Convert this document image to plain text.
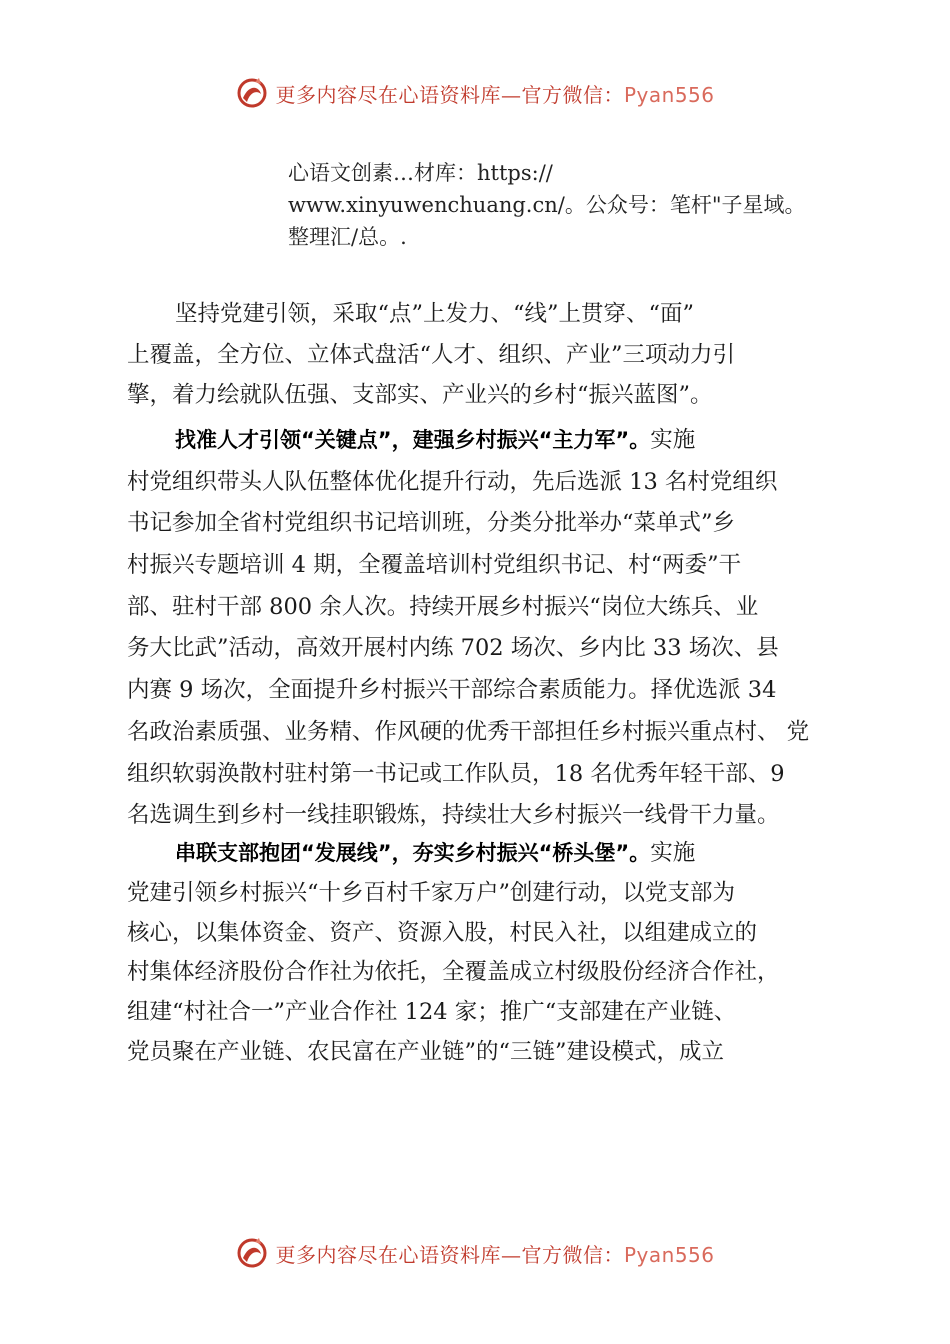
更多内容尽在心语资料库—官方微信：Pyan556
心语文创素…材库：https://
www.xinyuwenchuang.cn/。公众号：笔杆"子星域。
整理汇/总。.
坚持党建引领，采取“点”上发力、“线”上贯穿、“面”
上覆盖，全方位、立体式盘活“人才、组织、产业”三项动力引
擎，着力绘就队伍强、支部实、产业兴的乡村“振兴蓝图”。
找准人才引领“关键点”，建强乡村振兴“主力军”。实施
村党组织带头人队伍整体优化提升行动，先后选派 13 名村党组织
书记参加全省村党组织书记培训班，分类分批举办“菜单式”乡
村振兴专题培训 4 期，全覆盖培训村党组织书记、村“两委”干
部、驻村干部 800 余人次。持续开展乡村振兴“岗位大练兵、业
务大比武”活动，高效开展村内练 702 场次、乡内比 33 场次、县
内赛 9 场次，全面提升乡村振兴干部综合素质能力。择优选派 34
名政治素质强、业务精、作风硬的优秀干部担任乡村振兴重点村、 党
组织软弱涣散村驻村第一书记或工作队员，18 名优秀年轻干部、9
名选调生到乡村一线挂职锻炼，持续壮大乡村振兴一线骨干力量。
串联支部抱团“发展线”，夯实乡村振兴“桥头堡”。实施
党建引领乡村振兴“十乡百村千家万户”创建行动，以党支部为
核心，以集体资金、资产、资源入股，村民入社，以组建成立的
村集体经济股份合作社为依托，全覆盖成立村级股份经济合作社，
组建“村社合一”产业合作社 124 家；推广“支部建在产业链、
党员聚在产业链、农民富在产业链”的“三链”建设模式，成立
更多内容尽在心语资料库—官方微信：Pyan556
